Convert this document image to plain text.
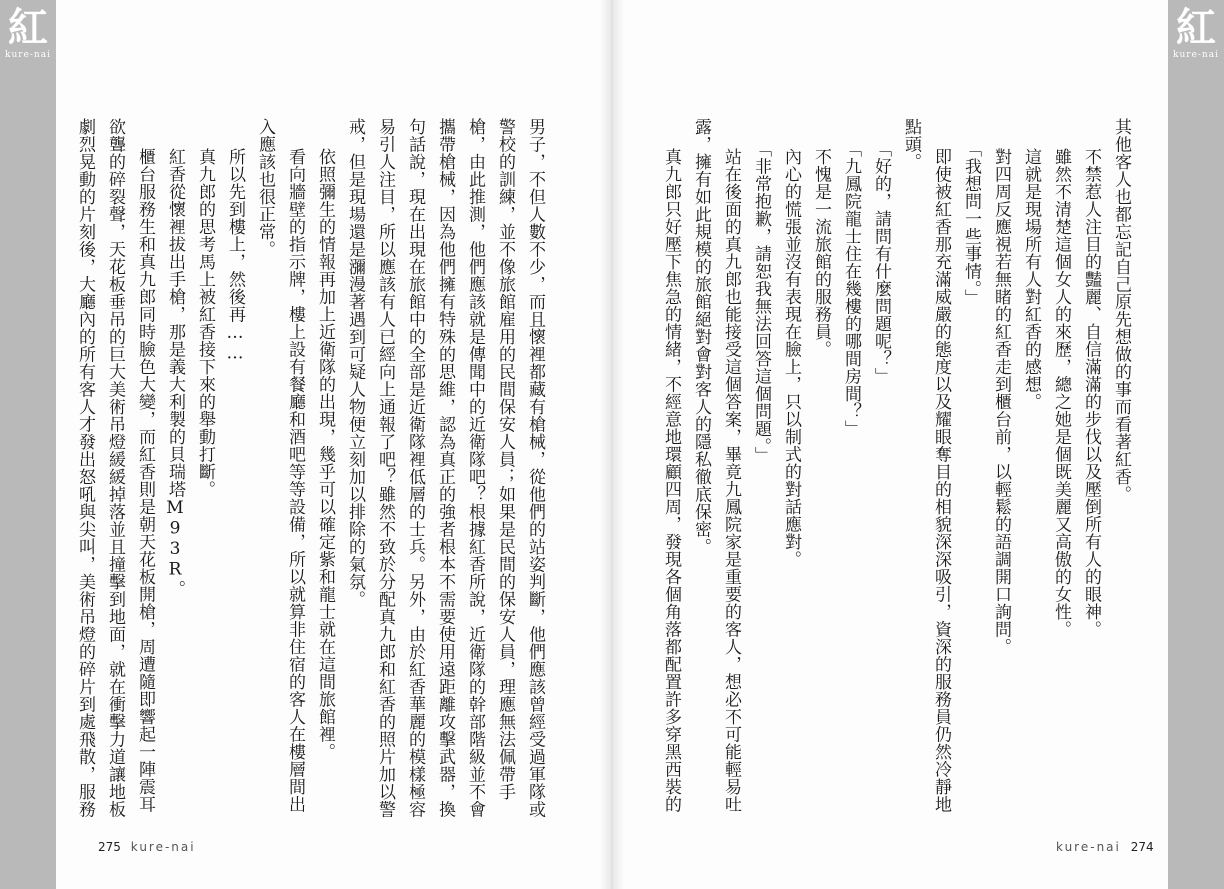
紅
kure-nai
紅
kure-nai
其他客人也都忘記自己原先想做的事而看著紅香。
不禁惹人注目的豔麗、自信滿滿的步伐以及壓倒所有人的眼神。
雖然不清楚這個女人的來歷，總之她是個既美麗又高傲的女性。
這就是現場所有人對紅香的感想。
對四周反應視若無睹的紅香走到櫃台前，以輕鬆的語調開口詢問。
「我想問一些事情。」
即使被紅香那充滿威嚴的態度以及耀眼奪目的相貌深深吸引，資深的服務員仍然冷靜地
點頭。
「好的，請問有什麼問題呢？」
「九鳳院龍士住在幾樓的哪間房間？」
不愧是一流旅館的服務員。
內心的慌張並沒有表現在臉上，只以制式的對話應對。
「非常抱歉，請恕我無法回答這個問題。」
站在後面的真九郎也能接受這個答案，畢竟九鳳院家是重要的客人，想必不可能輕易吐
露，擁有如此規模的旅館絕對會對客人的隱私徹底保密。
真九郎只好壓下焦急的情緒，不經意地環顧四周，發現各個角落都配置許多穿黑西裝的
男子，不但人數不少，而且懷裡都藏有槍械，從他們的站姿判斷，他們應該曾經受過軍隊或
警校的訓練，並不像旅館雇用的民間保安人員；如果是民間的保安人員，理應無法佩帶手
槍，由此推測，他們應該就是傳聞中的近衛隊吧？根據紅香所說，近衛隊的幹部階級並不會
攜帶槍械，因為他們擁有特殊的思維，認為真正的強者根本不需要使用遠距離攻擊武器，換
句話說，現在出現在旅館中的全部是近衛隊裡低層的士兵。另外，由於紅香華麗的模樣極容
易引人注目，所以應該有人已經向上通報了吧？雖然不致於分配真九郎和紅香的照片加以警
戒，但是現場還是瀰漫著遇到可疑人物便立刻加以排除的氣氛。
依照彌生的情報再加上近衛隊的出現，幾乎可以確定紫和龍士就在這間旅館裡。
看向牆壁的指示牌，樓上設有餐廳和酒吧等等設備，所以就算非住宿的客人在樓層間出
入應該也很正常。
所以先到樓上，然後再……
真九郎的思考馬上被紅香接下來的舉動打斷。
紅香從懷裡拔出手槍，那是義大利製的貝瑞塔M93R。
櫃台服務生和真九郎同時臉色大變，而紅香則是朝天花板開槍，周遭隨即響起一陣震耳
欲聾的碎裂聲，天花板垂吊的巨大美術吊燈緩緩掉落並且撞擊到地面，就在衝擊力道讓地板
劇烈晃動的片刻後，大廳內的所有客人才發出怒吼與尖叫，美術吊燈的碎片到處飛散，服務
275 kure-nai	kure-nai 274
